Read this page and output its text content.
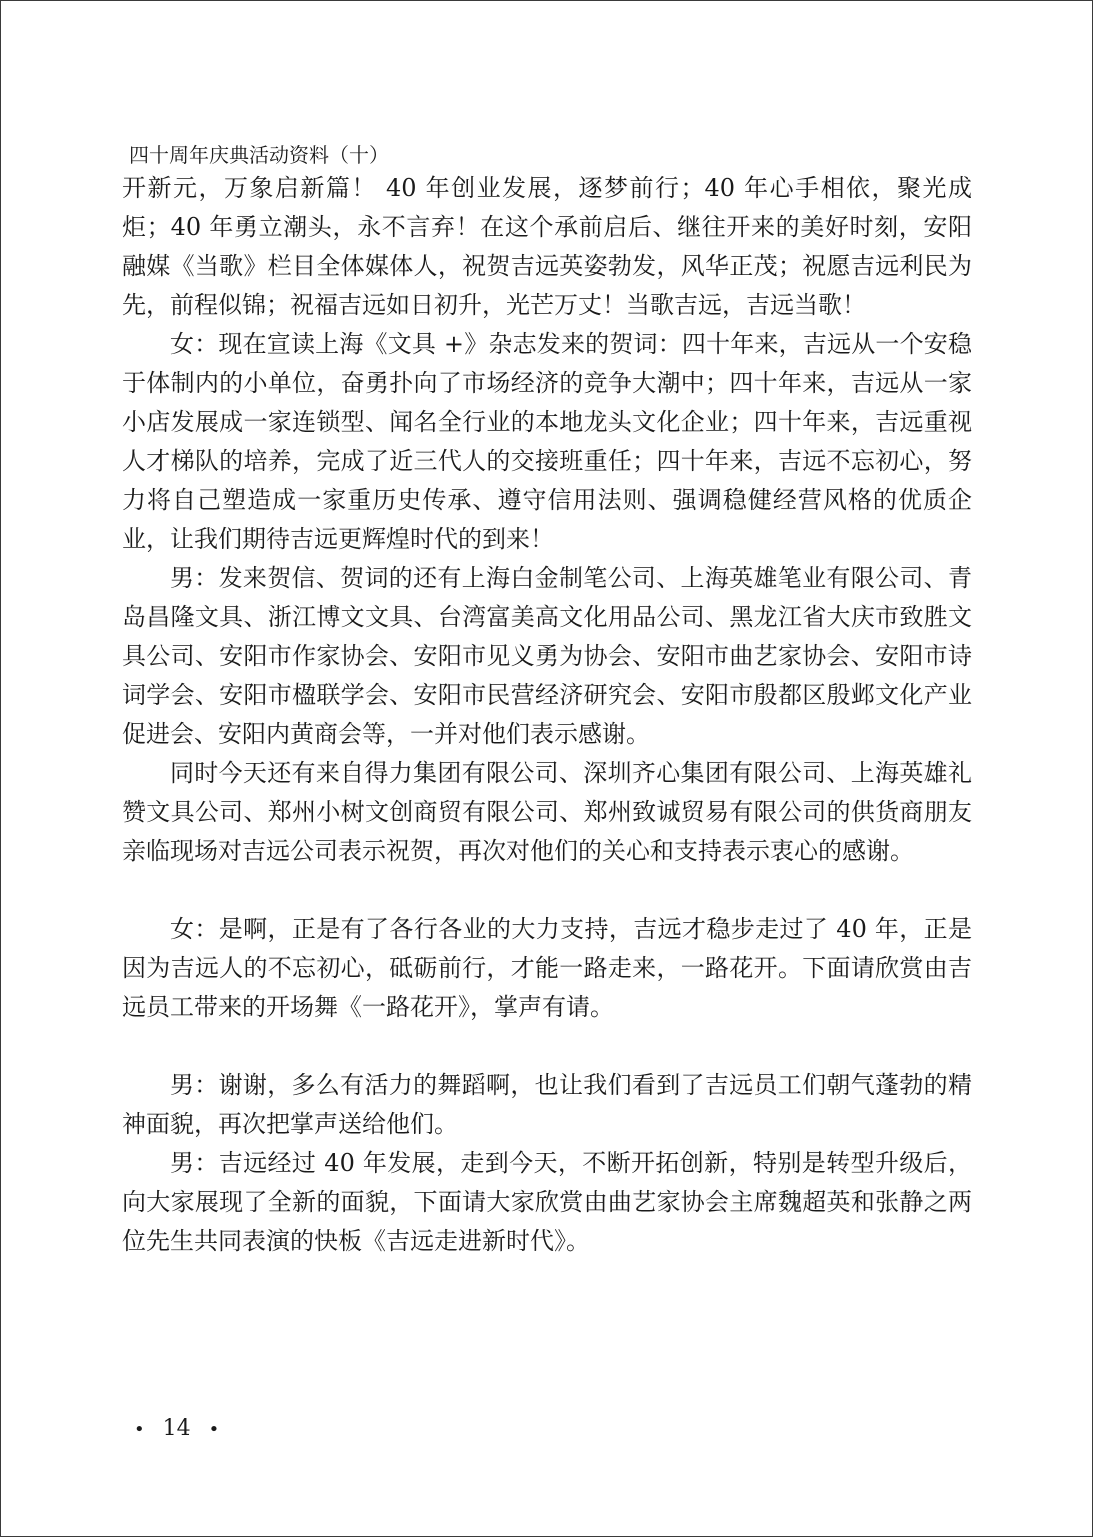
四十周年庆典活动资料（十）

开新元，万象启新篇！ 40 年创业发展，逐梦前行；40 年心手相依，聚光成炬；40 年勇立潮头，永不言弃！在这个承前启后、继往开来的美好时刻，安阳融媒《当歌》栏目全体媒体人，祝贺吉远英姿勃发，风华正茂；祝愿吉远利民为先，前程似锦；祝福吉远如日初升，光芒万丈！当歌吉远，吉远当歌！

女：现在宣读上海《文具 +》杂志发来的贺词：四十年来，吉远从一个安稳于体制内的小单位，奋勇扑向了市场经济的竞争大潮中；四十年来，吉远从一家小店发展成一家连锁型、闻名全行业的本地龙头文化企业；四十年来，吉远重视人才梯队的培养，完成了近三代人的交接班重任；四十年来，吉远不忘初心，努力将自己塑造成一家重历史传承、遵守信用法则、强调稳健经营风格的优质企业，让我们期待吉远更辉煌时代的到来！

男：发来贺信、贺词的还有上海白金制笔公司、上海英雄笔业有限公司、青岛昌隆文具、浙江博文文具、台湾富美高文化用品公司、黑龙江省大庆市致胜文具公司、安阳市作家协会、安阳市见义勇为协会、安阳市曲艺家协会、安阳市诗词学会、安阳市楹联学会、安阳市民营经济研究会、安阳市殷都区殷邺文化产业促进会、安阳内黄商会等，一并对他们表示感谢。

同时今天还有来自得力集团有限公司、深圳齐心集团有限公司、上海英雄礼赞文具公司、郑州小树文创商贸有限公司、郑州致诚贸易有限公司的供货商朋友亲临现场对吉远公司表示祝贺，再次对他们的关心和支持表示衷心的感谢。

女：是啊，正是有了各行各业的大力支持，吉远才稳步走过了 40 年，正是因为吉远人的不忘初心，砥砺前行，才能一路走来，一路花开。下面请欣赏由吉远员工带来的开场舞《一路花开》，掌声有请。

男：谢谢，多么有活力的舞蹈啊，也让我们看到了吉远员工们朝气蓬勃的精神面貌，再次把掌声送给他们。

男：吉远经过 40 年发展，走到今天，不断开拓创新，特别是转型升级后，向大家展现了全新的面貌，下面请大家欣赏由曲艺家协会主席魏超英和张静之两位先生共同表演的快板《吉远走进新时代》。

• 14 •
